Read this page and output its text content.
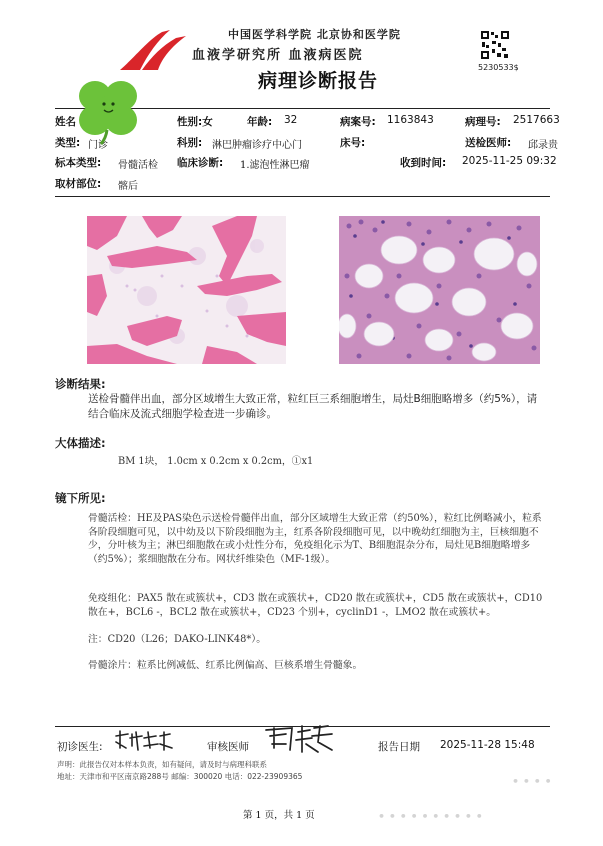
中国医学科学院 北京协和医学院
血液学研究所 血液病医院
病理诊断报告
5230533$
姓名	性别:女	年龄: 32	病案号: 1163843	病理号: 2517663
类型: 门诊	科别: 淋巴肿瘤诊疗中心门	床号:	送检医师: 邱录贵
标本类型: 骨髓活检 临床诊断: 1.滤泡性淋巴瘤	收到时间: 2025-11-25 09:32
取材部位: 髂后
诊断结果:
送检骨髓伴出血，部分区域增生大致正常，粒红巨三系细胞增生，局灶B细胞略增多（约5%），请结合临床及流式细胞学检查进一步确诊。
大体描述:
BM 1块， 1.0cm x 0.2cm x 0.2cm，①x1
镜下所见:
骨髓活检：HE及PAS染色示送检骨髓伴出血，部分区域增生大致正常（约50%），粒红比例略减小，粒系各阶段细胞可见，以中幼及以下阶段细胞为主，红系各阶段细胞可见，以中晚幼红细胞为主，巨核细胞不少，分叶核为主；淋巴细胞散在或小灶性分布，免疫组化示为T、B细胞混杂分布，局灶见B细胞略增多（约5%）；浆细胞散在分布。网状纤维染色（MF-1级）。
免疫组化：PAX5 散在或簇状+，CD3 散在或簇状+，CD20 散在或簇状+，CD5 散在或簇状+，CD10 散在+，BCL6 -，BCL2 散在或簇状+，CD23 个别+，cyclinD1 -，LMO2 散在或簇状+。
注：CD20（L26；DAKO-LINK48*）。
骨髓涂片：粒系比例减低、红系比例偏高、巨核系增生骨髓象。
初诊医生:	审核医师	报告日期 2025-11-28 15:48
声明：此报告仅对本样本负责，如有疑问，请及时与病理科联系
地址：天津市和平区南京路288号 邮编：300020 电话：022-23909365	• • • •
第 1 页，共 1 页	• • • • • • • • • •
